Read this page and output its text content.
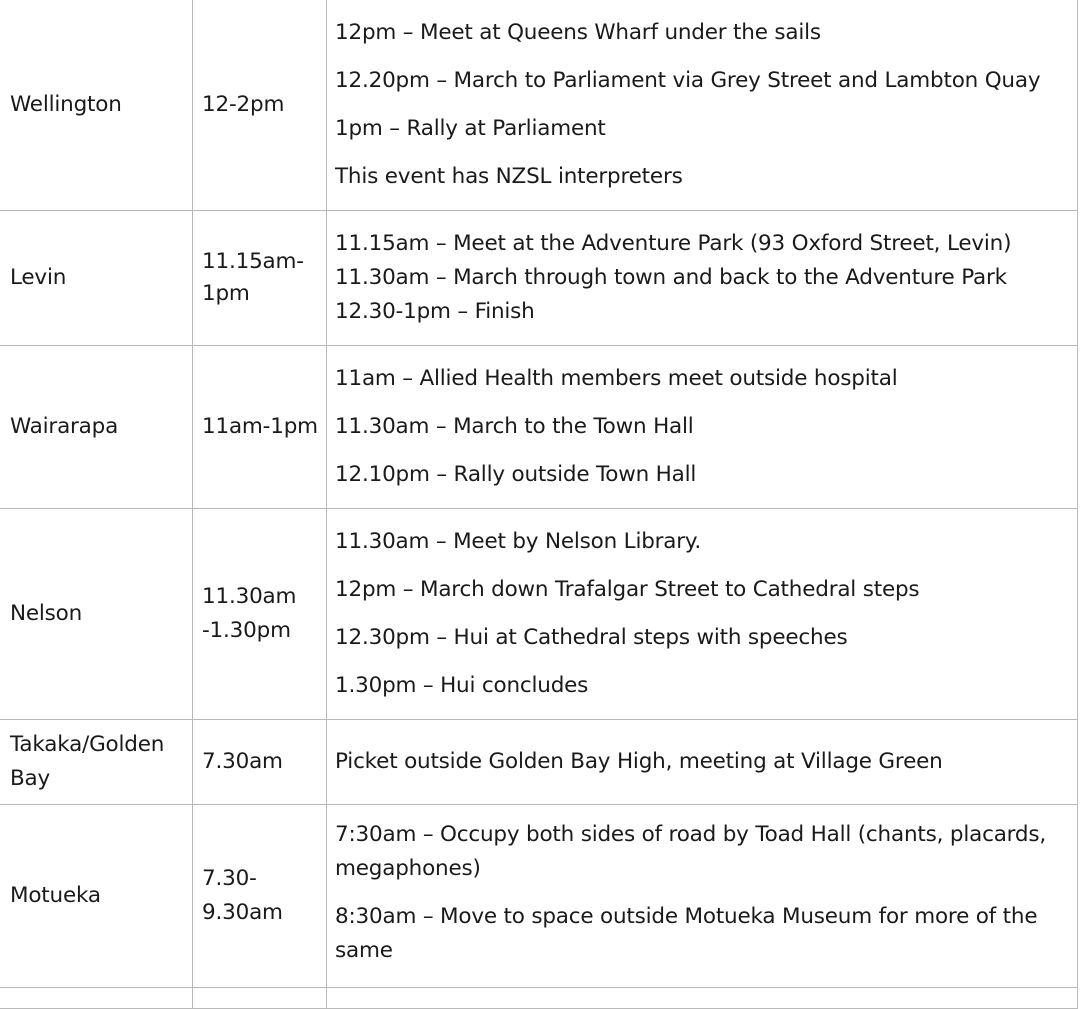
Wellington	12-2pm	12pm – Meet at Queens Wharf under the sails

12.20pm – March to Parliament via Grey Street and Lambton Quay

1pm – Rally at Parliament

This event has NZSL interpreters

Levin	11.15am-1pm	11.15am – Meet at the Adventure Park (93 Oxford Street, Levin)

11.30am – March through town and back to the Adventure Park

12.30-1pm – Finish

Wairarapa	11am-1pm	11am – Allied Health members meet outside hospital

11.30am – March to the Town Hall

12.10pm – Rally outside Town Hall

Nelson	11.30am-1.30pm	11.30am – Meet by Nelson Library.

12pm – March down Trafalgar Street to Cathedral steps

12.30pm – Hui at Cathedral steps with speeches

1.30pm – Hui concludes

Takaka/Golden Bay	7.30am	Picket outside Golden Bay High, meeting at Village Green

Motueka	7.30-9.30am	7:30am – Occupy both sides of road by Toad Hall (chants, placards, megaphones)

8:30am – Move to space outside Motueka Museum for more of the same
